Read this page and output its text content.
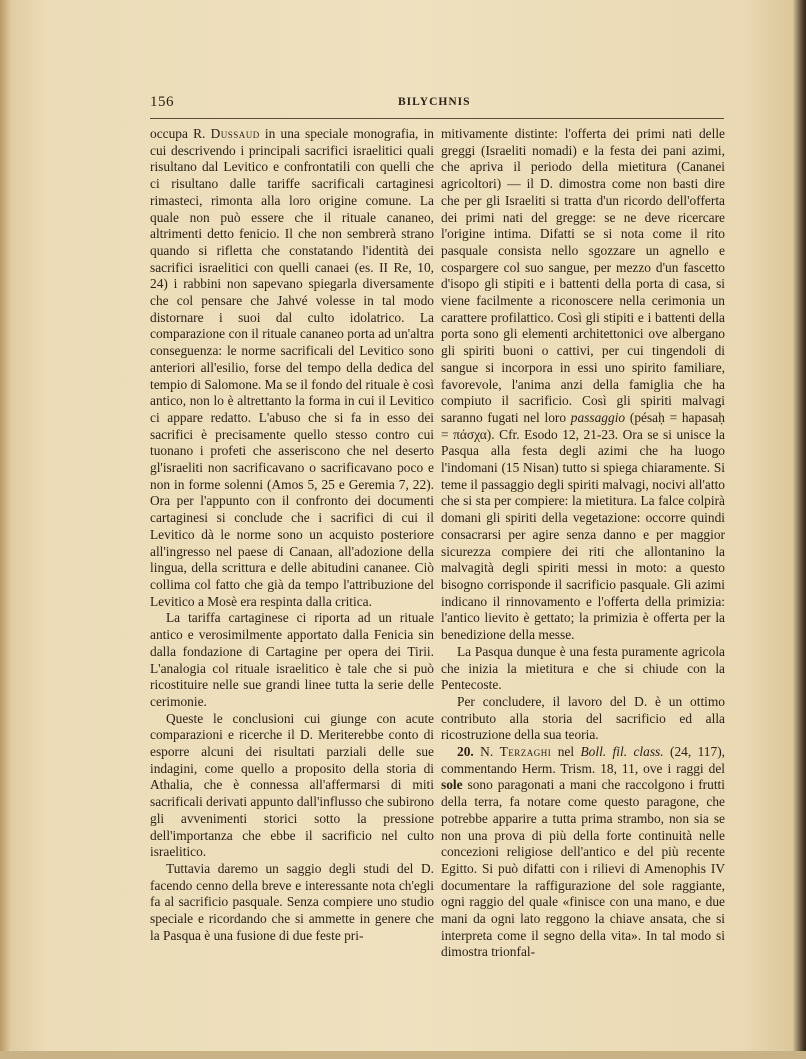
156	BILYCHNIS

occupa R. Dussaud in una speciale monografia, in cui descrivendo i principali sacrifici israelitici quali risultano dal Levitico e confrontatili con quelli che ci risultano dalle tariffe sacrificali cartaginesi rimasteci, rimonta alla loro origine comune. La quale non può essere che il rituale cananeo, altrimenti detto fenicio. Il che non sembrerà strano quando si rifletta che constatando l'identità dei sacrifici israelitici con quelli canaei (es. II Re, 10, 24) i rabbini non sapevano spiegarla diversamente che col pensare che Jahvé volesse in tal modo distornare i suoi dal culto idolatrico. La comparazione con il rituale cananeo porta ad un'altra conseguenza: le norme sacrificali del Levitico sono anteriori all'esilio, forse del tempo della dedica del tempio di Salomone. Ma se il fondo del rituale è così antico, non lo è altrettanto la forma in cui il Levitico ci appare redatto. L'abuso che si fa in esso dei sacrifici è precisamente quello stesso contro cui tuonano i profeti che asseriscono che nel deserto gl'israeliti non sacrificavano o sacrificavano poco e non in forme solenni (Amos 5, 25 e Geremia 7, 22). Ora per l'appunto con il confronto dei documenti cartaginesi si conclude che i sacrifici di cui il Levitico dà le norme sono un acquisto posteriore all'ingresso nel paese di Canaan, all'adozione della lingua, della scrittura e delle abitudini cananee. Ciò collima col fatto che già da tempo l'attribuzione del Levitico a Mosè era respinta dalla critica.

La tariffa cartaginese ci riporta ad un rituale antico e verosimilmente apportato dalla Fenicia sin dalla fondazione di Cartagine per opera dei Tirii. L'analogia col rituale israelitico è tale che si può ricostituire nelle sue grandi linee tutta la serie delle cerimonie.

Queste le conclusioni cui giunge con acute comparazioni e ricerche il D. Meriterebbe conto di esporre alcuni dei risultati parziali delle sue indagini, come quello a proposito della storia di Athalia, che è connessa all'affermarsi di miti sacrificali derivati appunto dall'influsso che subirono gli avvenimenti storici sotto la pressione dell'importanza che ebbe il sacrificio nel culto israelitico.

Tuttavia daremo un saggio degli studi del D. facendo cenno della breve e interessante nota ch'egli fa al sacrificio pasquale. Senza compiere uno studio speciale e ricordando che si ammette in genere che la Pasqua è una fusione di due feste pri-

mitivamente distinte: l'offerta dei primi nati delle greggi (Israeliti nomadi) e la festa dei pani azimi, che apriva il periodo della mietitura (Cananei agricoltori) — il D. dimostra come non basti dire che per gli Israeliti si tratta d'un ricordo dell'offerta dei primi nati del gregge: se ne deve ricercare l'origine intima. Difatti se si nota come il rito pasquale consista nello sgozzare un agnello e cospargere col suo sangue, per mezzo d'un fascetto d'isopo gli stipiti e i battenti della porta di casa, si viene facilmente a riconoscere nella cerimonia un carattere profilattico. Così gli stipiti e i battenti della porta sono gli elementi architettonici ove albergano gli spiriti buoni o cattivi, per cui tingendoli di sangue si incorpora in essi uno spirito familiare, favorevole, l'anima anzi della famiglia che ha compiuto il sacrificio. Così gli spiriti malvagi saranno fugati nel loro passaggio (pésaḥ = hapasaḥ = πάσχα). Cfr. Esodo 12, 21-23. Ora se si unisce la Pasqua alla festa degli azimi che ha luogo l'indomani (15 Nisan) tutto si spiega chiaramente. Si teme il passaggio degli spiriti malvagi, nocivi all'atto che si sta per compiere: la mietitura. La falce colpirà domani gli spiriti della vegetazione: occorre quindi consacrarsi per agire senza danno e per maggior sicurezza compiere dei riti che allontanino la malvagità degli spiriti messi in moto: a questo bisogno corrisponde il sacrificio pasquale. Gli azimi indicano il rinnovamento e l'offerta della primizia: l'antico lievito è gettato; la primizia è offerta per la benedizione della messe.

La Pasqua dunque è una festa puramente agricola che inizia la mietitura e che si chiude con la Pentecoste.

Per concludere, il lavoro del D. è un ottimo contributo alla storia del sacrificio ed alla ricostruzione della sua teoria.

20. N. Terzaghi nel Boll. fil. class. (24, 117), commentando Herm. Trism. 18, 11, ove i raggi del sole sono paragonati a mani che raccolgono i frutti della terra, fa notare come questo paragone, che potrebbe apparire a tutta prima strambo, non sia se non una prova di più della forte continuità nelle concezioni religiose dell'antico e del più recente Egitto. Si può difatti con i rilievi di Amenophis IV documentare la raffigurazione del sole raggiante, ogni raggio del quale «finisce con una mano, e due mani da ogni lato reggono la chiave ansata, che si interpreta come il segno della vita». In tal modo si dimostra trionfal-
